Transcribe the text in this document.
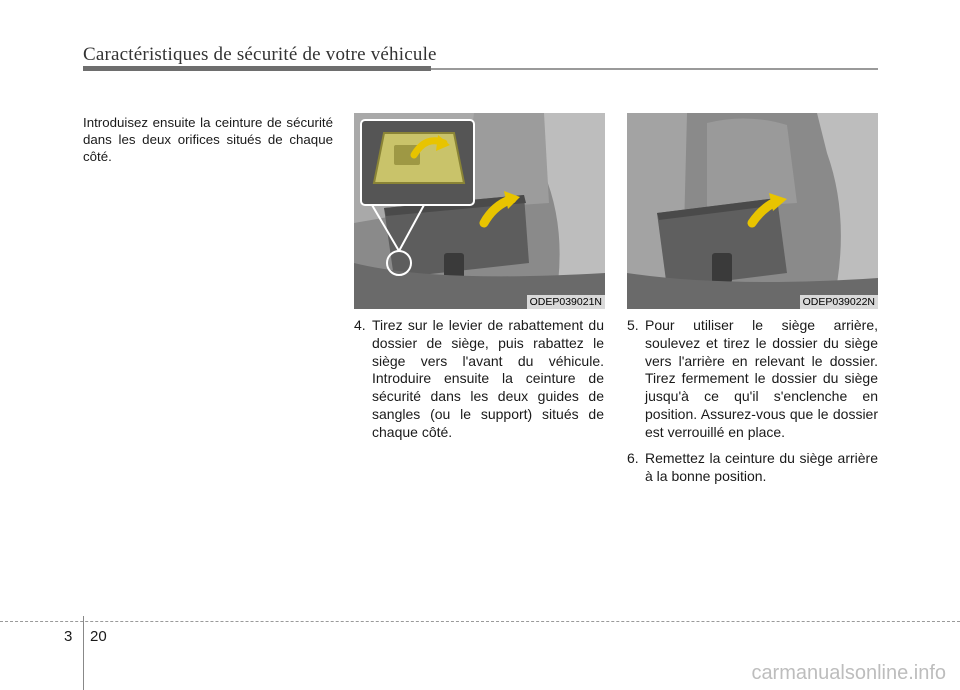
Caractéristiques de sécurité de votre véhicule
Introduisez ensuite la ceinture de sécurité dans les deux orifices situés de chaque côté.
ODEP039021N	ODEP039022N
4. Tirez sur le levier de rabattement du dossier de siège, puis rabattez le siège vers l'avant du véhicule. Introduire ensuite la ceinture de sécurité dans les deux guides de sangles (ou le support) situés de chaque côté.

5. Pour utiliser le siège arrière, soulevez et tirez le dossier du siège vers l'arrière en relevant le dossier. Tirez fermement le dossier du siège jusqu'à ce qu'il s'enclenche en position. Assurez-vous que le dossier est verrouillé en place.

6. Remettez la ceinture du siège arrière à la bonne position.

3 20
carmanualsonline.info
